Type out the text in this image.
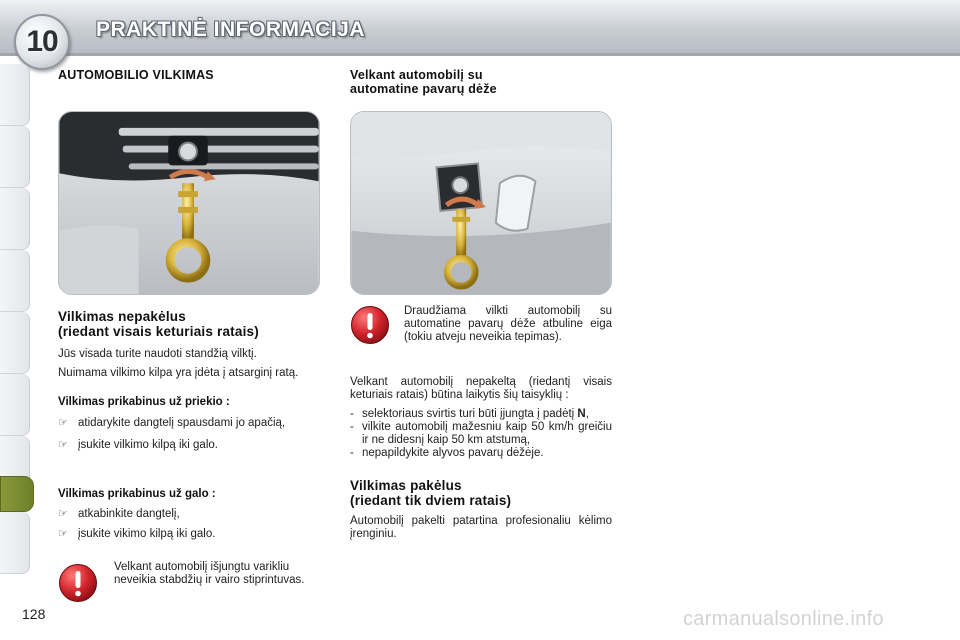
10 PRAKTINĖ INFORMACIJA
128	carmanualsonline.info
AUTOMOBILIO VILKIMAS
Vilkimas nepakėlus
(riedant visais keturiais ratais)

Jūs visada turite naudoti standžią vilktį.

Nuimama vilkimo kilpa yra įdėta į atsarginį ratą.

Vilkimas prikabinus už priekio :
☞ atidarykite dangtelį spausdami jo apačią,
☞ įsukite vilkimo kilpą iki galo.
Vilkimas prikabinus už galo :
☞ atkabinkite dangtelį,
☞ įsukite vikimo kilpą iki galo.

Velkant automobilį išjungtu varikliu neveikia stabdžių ir vairo stiprintuvas.

Velkant automobilį su
automatine pavarų dėže

Draudžiama vilkti automobilį su automatine pavarų dėže atbuline eiga (tokiu atveju neveikia tepimas).

Velkant automobilį nepakeltą (riedantį visais keturiais ratais) būtina laikytis šių taisyklių :

- selektoriaus svirtis turi būti įjungta į padėtį N,
- vilkite automobilį mažesniu kaip 50 km/h greičiu ir ne didesnį kaip 50 km atstumą,
- nepapildykite alyvos pavarų dėžėje.
Vilkimas pakėlus
(riedant tik dviem ratais)

Automobilį pakelti patartina profesionaliu kėlimo įrenginiu.
